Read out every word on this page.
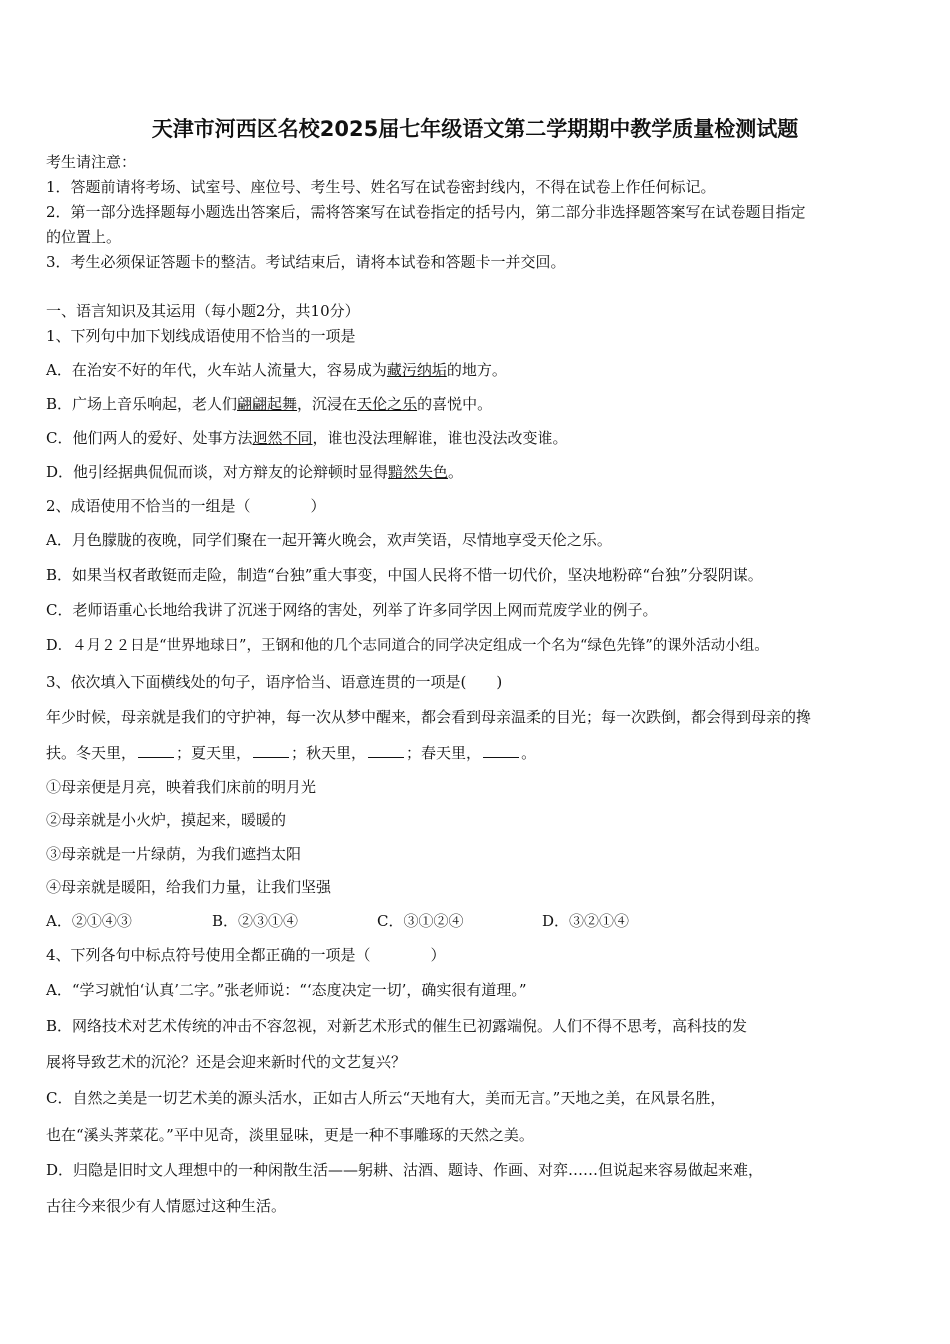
天津市河西区名校2025届七年级语文第二学期期中教学质量检测试题
考生请注意：
1．答题前请将考场、试室号、座位号、考生号、姓名写在试卷密封线内，不得在试卷上作任何标记。
2．第一部分选择题每小题选出答案后，需将答案写在试卷指定的括号内，第二部分非选择题答案写在试卷题目指定
的位置上。
3．考生必须保证答题卡的整洁。考试结束后，请将本试卷和答题卡一并交回。
一、语言知识及其运用（每小题2分，共10分）
1、下列句中加下划线成语使用不恰当的一项是
A．在治安不好的年代，火车站人流量大，容易成为藏污纳垢的地方。
B．广场上音乐响起，老人们翩翩起舞，沉浸在天伦之乐的喜悦中。
C．他们两人的爱好、处事方法迥然不同，谁也没法理解谁，谁也没法改变谁。
D．他引经据典侃侃而谈，对方辩友的论辩顿时显得黯然失色。
2、成语使用不恰当的一组是（　　　　）
A．月色朦胧的夜晚，同学们聚在一起开篝火晚会，欢声笑语，尽情地享受天伦之乐。
B．如果当权者敢铤而走险，制造“台独”重大事变，中国人民将不惜一切代价，坚决地粉碎“台独”分裂阴谋。
C．老师语重心长地给我讲了沉迷于网络的害处，列举了许多同学因上网而荒废学业的例子。
D．４月２２日是“世界地球日”，王钢和他的几个志同道合的同学决定组成一个名为“绿色先锋”的课外活动小组。
3、依次填入下面横线处的句子，语序恰当、语意连贯的一项是(　　)
年少时候，母亲就是我们的守护神，每一次从梦中醒来，都会看到母亲温柔的目光；每一次跌倒，都会得到母亲的搀
扶。冬天里，	；夏天里，	；秋天里，	；春天里，	。
①母亲便是月亮，映着我们床前的明月光
②母亲就是小火炉，摸起来，暖暖的
③母亲就是一片绿荫，为我们遮挡太阳
④母亲就是暖阳，给我们力量，让我们坚强
A．②①④③	B．②③①④	C．③①②④	D．③②①④
4、下列各句中标点符号使用全都正确的一项是（　　　　）
A．“学习就怕‘认真’二字。”张老师说：“‘态度决定一切’，确实很有道理。”
B．网络技术对艺术传统的冲击不容忽视，对新艺术形式的催生已初露端倪。人们不得不思考，高科技的发
展将导致艺术的沉沦？还是会迎来新时代的文艺复兴？
C．自然之美是一切艺术美的源头活水，正如古人所云“天地有大，美而无言。”天地之美，在风景名胜，
也在“溪头荠菜花。”平中见奇，淡里显味，更是一种不事雕琢的天然之美。
D．归隐是旧时文人理想中的一种闲散生活——躬耕、沽酒、题诗、作画、对弈……但说起来容易做起来难，
古往今来很少有人情愿过这种生活。
